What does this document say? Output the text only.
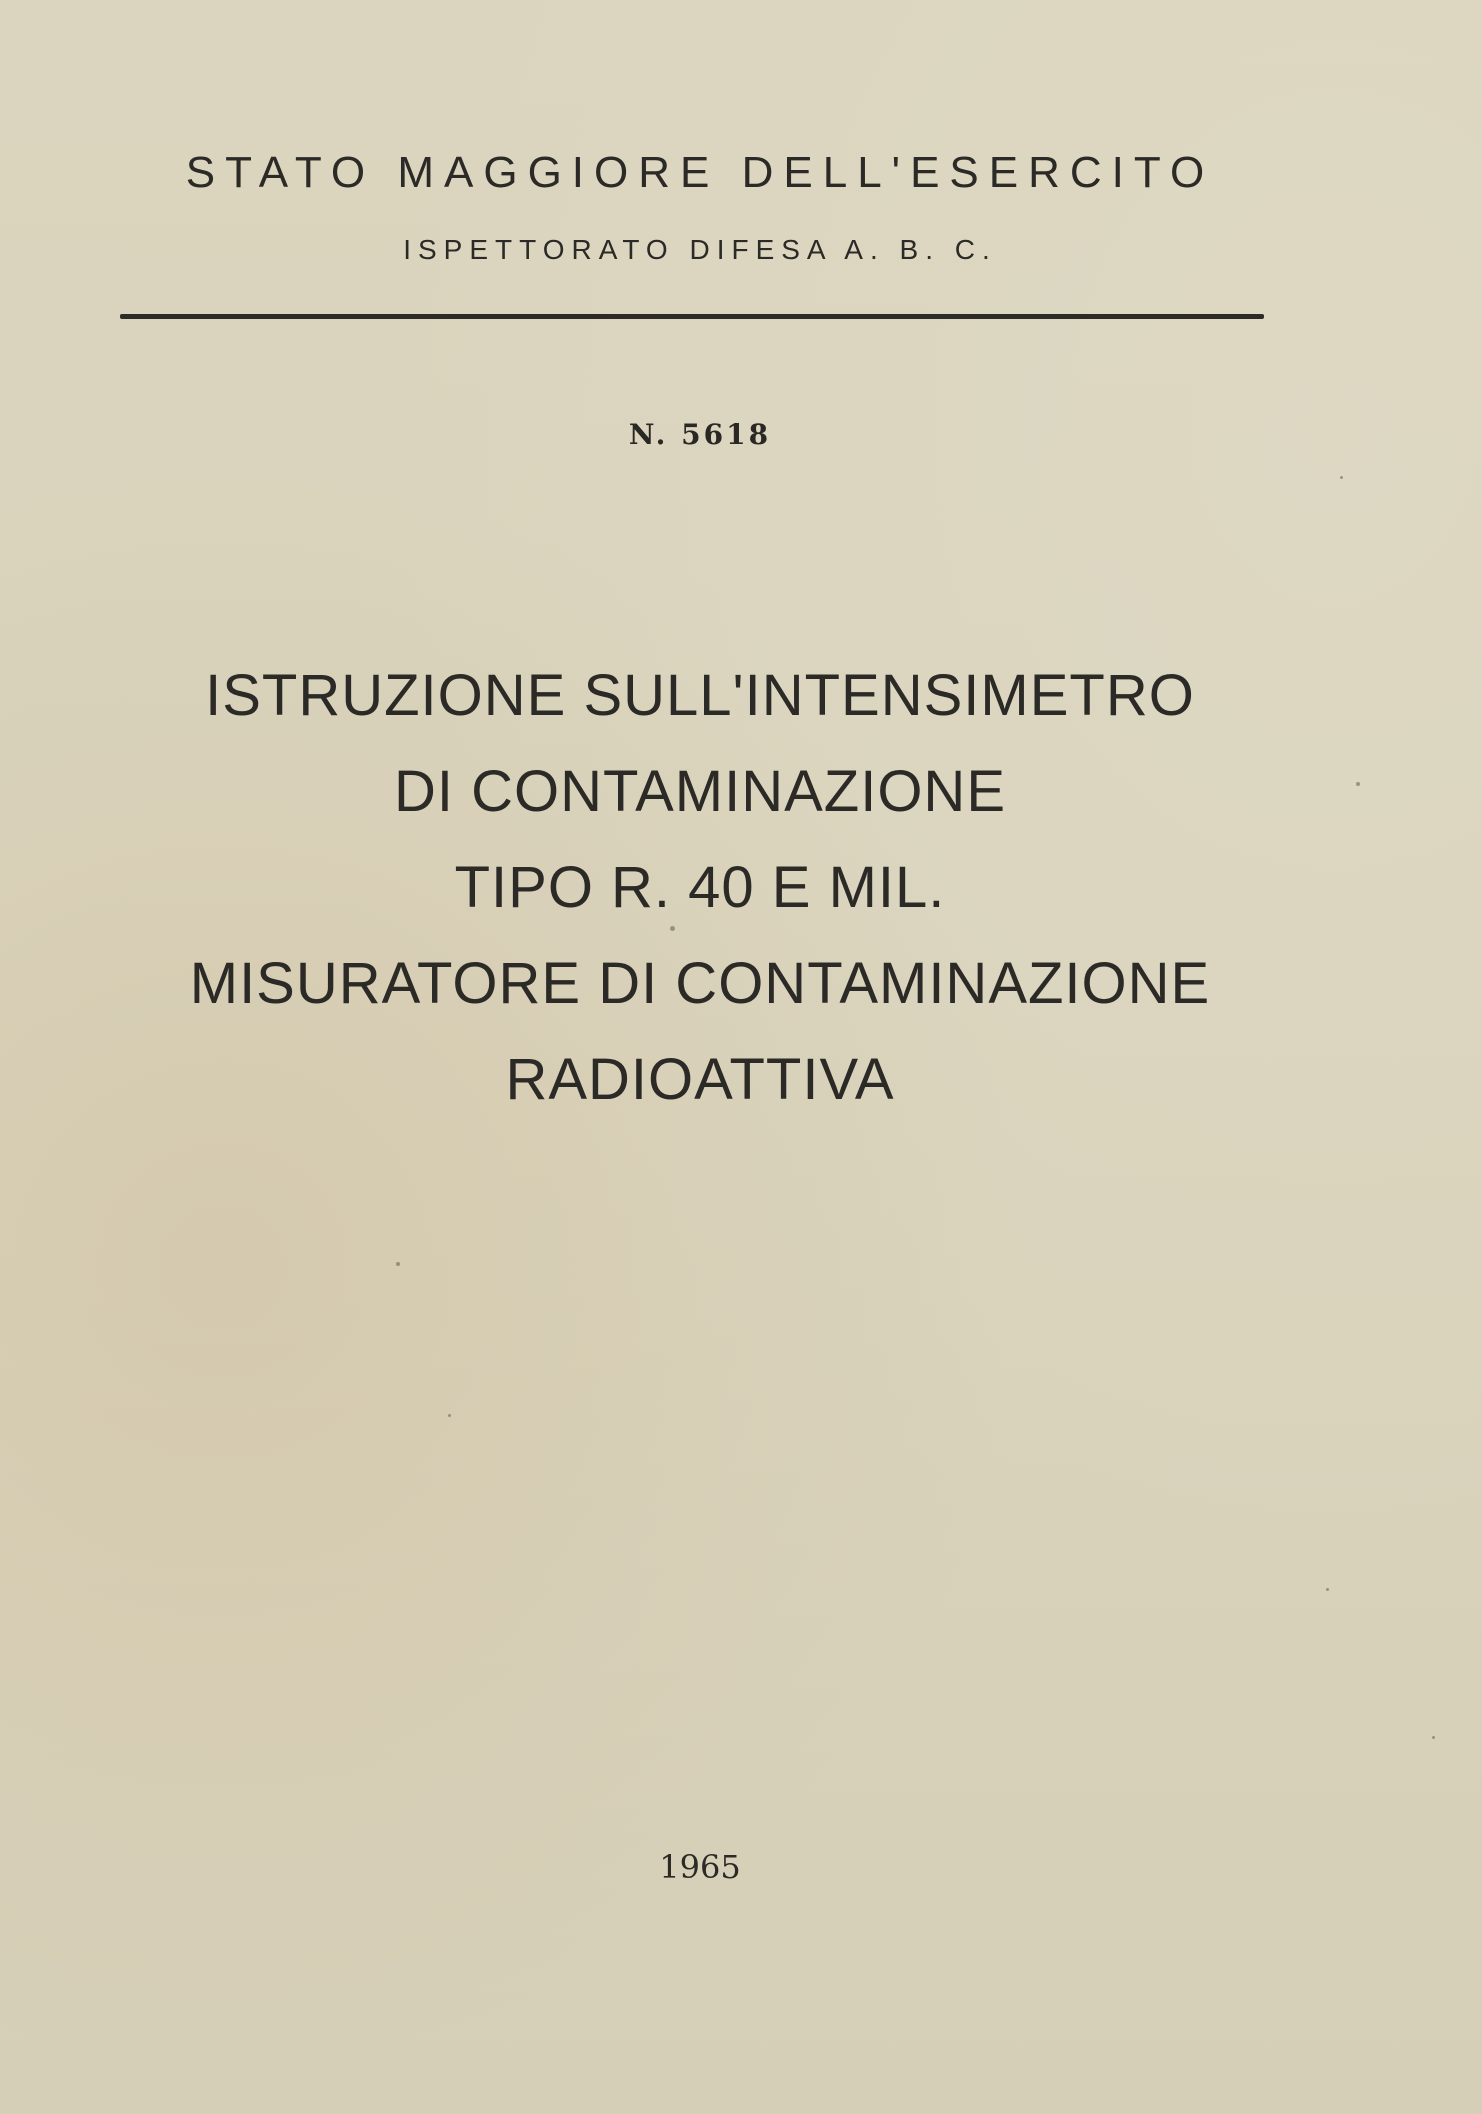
STATO MAGGIORE DELL'ESERCITO
ISPETTORATO DIFESA A. B. C.
N. 5618
ISTRUZIONE SULL'INTENSIMETRO
DI CONTAMINAZIONE
TIPO R. 40 E MIL.
MISURATORE DI CONTAMINAZIONE
RADIOATTIVA
1965
